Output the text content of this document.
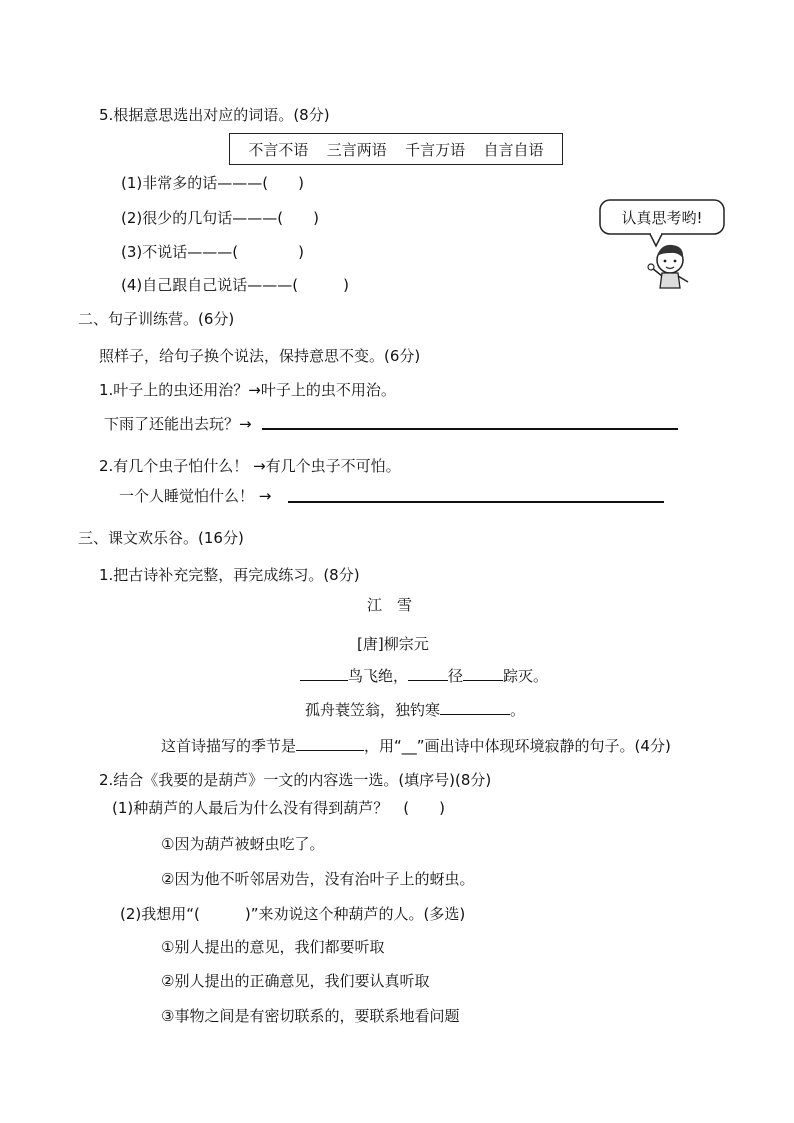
5.根据意思选出对应的词语。(8分)
不言不语 三言两语 千言万语 自言自语
(1)非常多的话———(　　)
(2)很少的几句话———(　　)
(3)不说话———(　　　　)
(4)自己跟自己说话———(　　　)
认真思考哟!
二、句子训练营。(6分)
照样子，给句子换个说法，保持意思不变。(6分)
1.叶子上的虫还用治？→叶子上的虫不用治。
下雨了还能出去玩？→
2.有几个虫子怕什么！ →有几个虫子不可怕。
一个人睡觉怕什么！ →
三、课文欢乐谷。(16分)
1.把古诗补充完整，再完成练习。(8分)
江　雪
[唐]柳宗元
鸟飞绝，	径	踪灭。
孤舟蓑笠翁，独钓寒	。
这首诗描写的季节是	，用“__”画出诗中体现环境寂静的句子。(4分)
2.结合《我要的是葫芦》一文的内容选一选。(填序号)(8分)
(1)种葫芦的人最后为什么没有得到葫芦？　(　　)
①因为葫芦被蚜虫吃了。
②因为他不听邻居劝告，没有治叶子上的蚜虫。
(2)我想用“(　　　)”来劝说这个种葫芦的人。(多选)
①别人提出的意见，我们都要听取
②别人提出的正确意见，我们要认真听取
③事物之间是有密切联系的，要联系地看问题
